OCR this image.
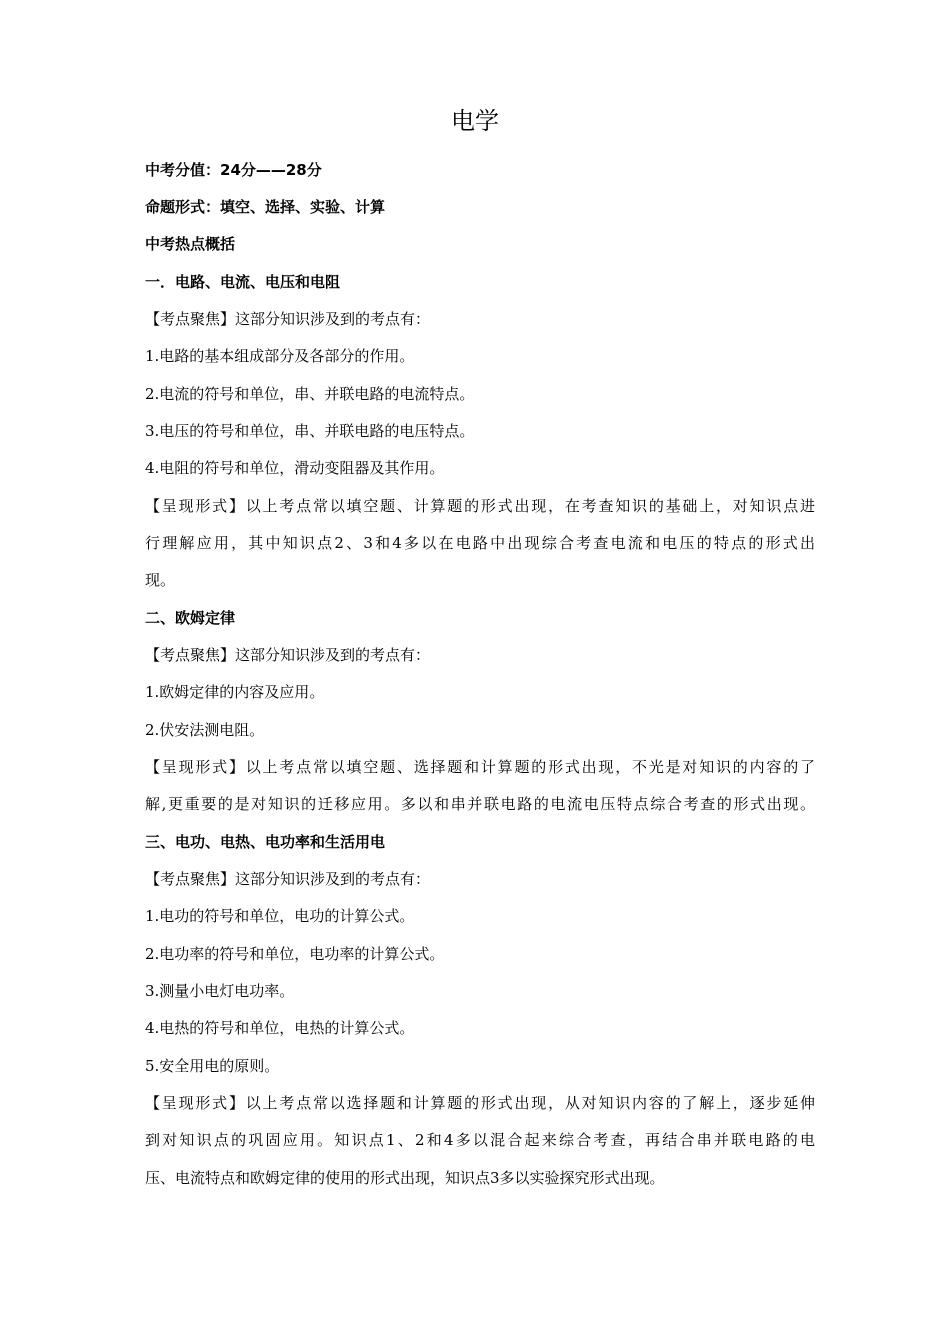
电学
中考分值：24分——28分
命题形式：填空、选择、实验、计算
中考热点概括
一．电路、电流、电压和电阻
【考点聚焦】这部分知识涉及到的考点有：
1.电路的基本组成部分及各部分的作用。
2.电流的符号和单位，串、并联电路的电流特点。
3.电压的符号和单位，串、并联电路的电压特点。
4.电阻的符号和单位，滑动变阻器及其作用。
【呈现形式】以上考点常以填空题、计算题的形式出现，在考查知识的基础上，对知识点进
行理解应用，其中知识点2、3和4多以在电路中出现综合考查电流和电压的特点的形式出
现。
二、欧姆定律
【考点聚焦】这部分知识涉及到的考点有：
1.欧姆定律的内容及应用。
2.伏安法测电阻。
【呈现形式】以上考点常以填空题、选择题和计算题的形式出现，不光是对知识的内容的了
解,更重要的是对知识的迁移应用。多以和串并联电路的电流电压特点综合考查的形式出现。
三、电功、电热、电功率和生活用电
【考点聚焦】这部分知识涉及到的考点有：
1.电功的符号和单位，电功的计算公式。
2.电功率的符号和单位，电功率的计算公式。
3.测量小电灯电功率。
4.电热的符号和单位，电热的计算公式。
5.安全用电的原则。
【呈现形式】以上考点常以选择题和计算题的形式出现，从对知识内容的了解上，逐步延伸
到对知识点的巩固应用。知识点1、2和4多以混合起来综合考查，再结合串并联电路的电
压、电流特点和欧姆定律的使用的形式出现，知识点3多以实验探究形式出现。
